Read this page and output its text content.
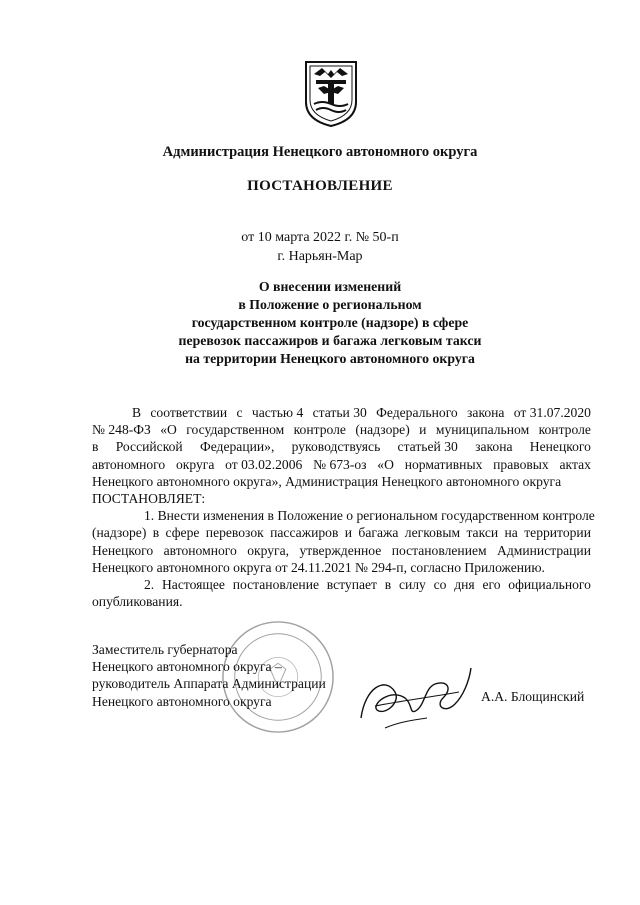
Администрация Ненецкого автономного округа
ПОСТАНОВЛЕНИЕ
от 10 марта 2022 г. № 50-п
г. Нарьян-Мар
О внесении изменений
в Положение о региональном
государственном контроле (надзоре) в сфере
перевозок пассажиров и багажа легковым такси
на территории Ненецкого автономного округа
В соответствии с частью 4 статьи 30 Федерального закона от 31.07.2020
№ 248-ФЗ «О государственном контроле (надзоре) и муниципальном контроле
в Российской Федерации», руководствуясь статьей 30 закона Ненецкого
автономного округа от 03.02.2006 № 673-оз «О нормативных правовых актах
Ненецкого автономного округа», Администрация Ненецкого автономного округа
ПОСТАНОВЛЯЕТ:
1. Внести изменения в Положение о региональном государственном контроле
(надзоре) в сфере перевозок пассажиров и багажа легковым такси на территории
Ненецкого автономного округа, утвержденное постановлением Администрации
Ненецкого автономного округа от 24.11.2021 № 294-п, согласно Приложению.
2. Настоящее постановление вступает в силу со дня его официального
опубликования.
Заместитель губернатора
Ненецкого автономного округа –
руководитель Аппарата Администрации
Ненецкого автономного округа	А.А. Блощинский
